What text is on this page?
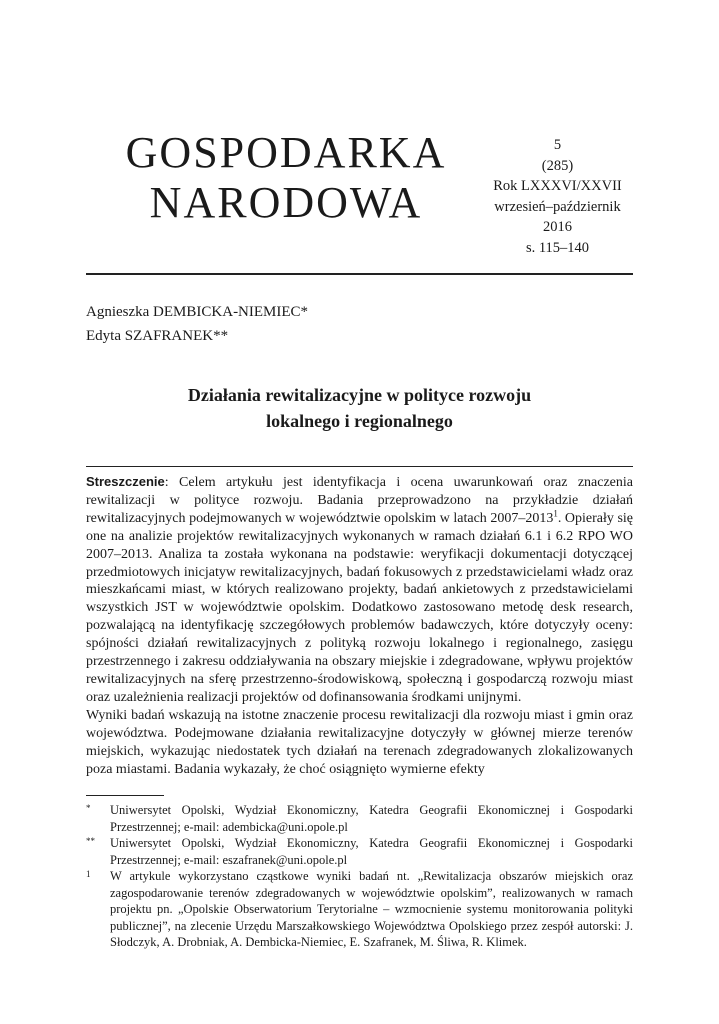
GOSPODARKA
NARODOWA
5
(285)
Rok LXXXVI/XXVII
wrzesień–październik
2016
s. 115–140
Agnieszka DEMBICKA-NIEMIEC*
Edyta SZAFRANEK**
Działania rewitalizacyjne w polityce rozwoju
lokalnego i regionalnego

Streszczenie: Celem artykułu jest identyfikacja i ocena uwarunkowań oraz znaczenia rewitalizacji w polityce rozwoju. Badania przeprowadzono na przykładzie działań rewitalizacyjnych podejmowanych w województwie opolskim w latach 2007–2013$^1$. Opierały się one na analizie projektów rewitalizacyjnych wykonanych w ramach działań 6.1 i 6.2 RPO WO 2007–2013. Analiza ta została wykonana na podstawie: weryfikacji dokumentacji dotyczącej przedmiotowych inicjatyw rewitalizacyjnych, badań fokusowych z przedstawicielami władz oraz mieszkańcami miast, w których realizowano projekty, badań ankietowych z przedstawicielami wszystkich JST w województwie opolskim. Dodatkowo zastosowano metodę desk research, pozwalającą na identyfikację szczegółowych problemów badawczych, które dotyczyły oceny: spójności działań rewitalizacyjnych z polityką rozwoju lokalnego i regionalnego, zasięgu przestrzennego i zakresu oddziaływania na obszary miejskie i zdegradowane, wpływu projektów rewitalizacyjnych na sferę przestrzenno-środowiskową, społeczną i gospodarczą rozwoju miast oraz uzależnienia realizacji projektów od dofinansowania środkami unijnymi.

Wyniki badań wskazują na istotne znaczenie procesu rewitalizacji dla rozwoju miast i gmin oraz województwa. Podejmowane działania rewitalizacyjne dotyczyły w głównej mierze terenów miejskich, wykazując niedostatek tych działań na terenach zdegradowanych zlokalizowanych poza miastami. Badania wykazały, że choć osiągnięto wymierne efekty

*	Uniwersytet Opolski, Wydział Ekonomiczny, Katedra Geografii Ekonomicznej i Gospodarki Przestrzennej; e-mail: adembicka@uni.opole.pl
**	Uniwersytet Opolski, Wydział Ekonomiczny, Katedra Geografii Ekonomicznej i Gospodarki Przestrzennej; e-mail: eszafranek@uni.opole.pl
1	W artykule wykorzystano cząstkowe wyniki badań nt. „Rewitalizacja obszarów miejskich oraz zagospodarowanie terenów zdegradowanych w województwie opolskim”, realizowanych w ramach projektu pn. „Opolskie Obserwatorium Terytorialne – wzmocnienie systemu monitorowania polityki publicznej”, na zlecenie Urzędu Marszałkowskiego Województwa Opolskiego przez zespół autorski: J. Słodczyk, A. Drobniak, A. Dembicka-Niemiec, E. Szafranek, M. Śliwa, R. Klimek.
